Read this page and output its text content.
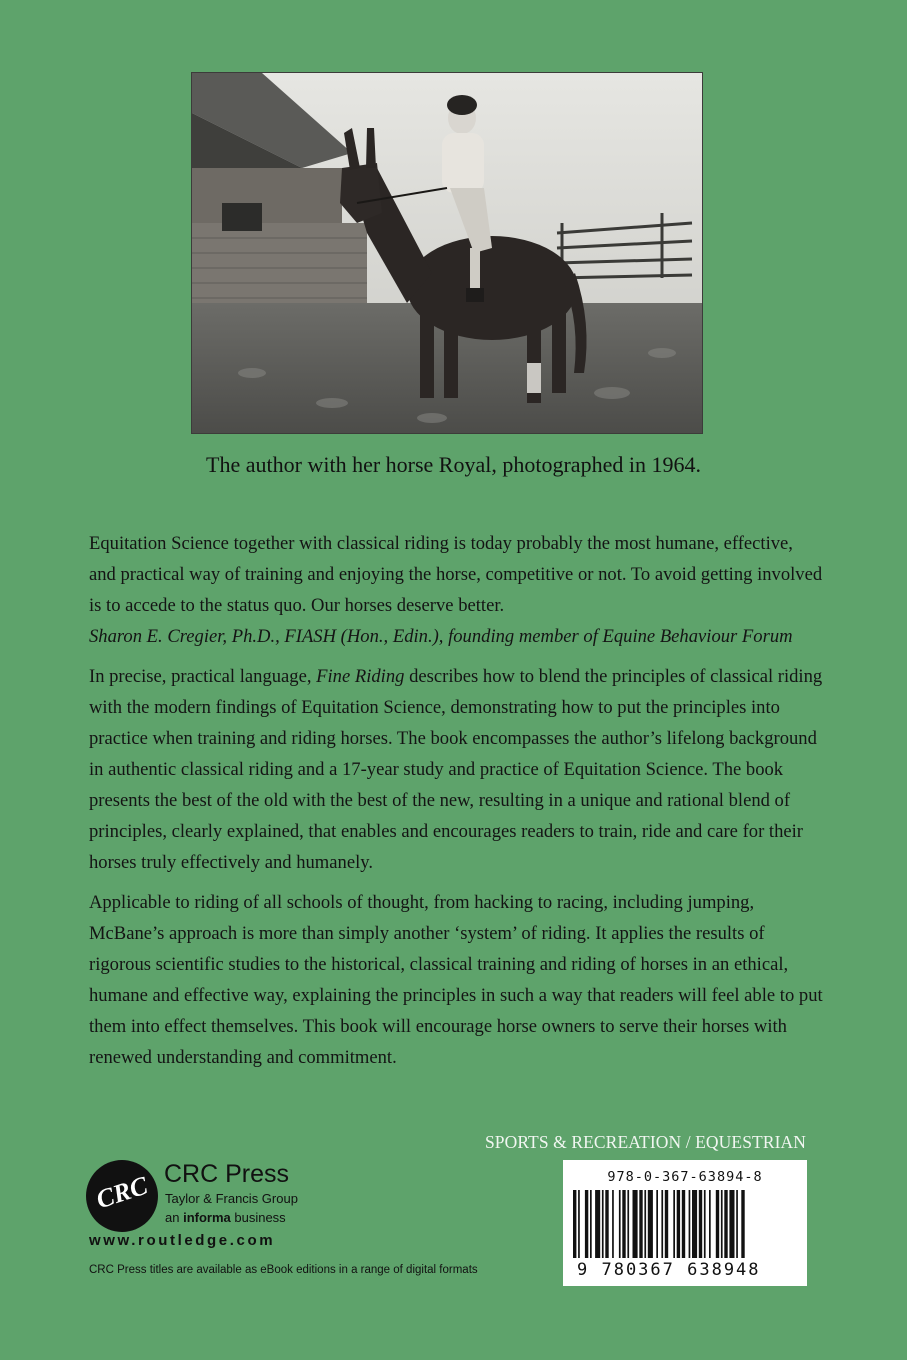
The author with her horse Royal, photographed in 1964.

Equitation Science together with classical riding is today probably the most humane, effective, and practical way of training and enjoying the horse, competitive or not. To avoid getting involved is to accede to the status quo. Our horses deserve better.
Sharon E. Cregier, Ph.D., FIASH (Hon., Edin.), founding member of Equine Behaviour Forum

In precise, practical language, Fine Riding describes how to blend the principles of classical riding with the modern findings of Equitation Science, demonstrating how to put the principles into practice when training and riding horses. The book encompasses the author’s lifelong background in authentic classical riding and a 17-year study and practice of Equitation Science. The book presents the best of the old with the best of the new, resulting in a unique and rational blend of principles, clearly explained, that enables and encourages readers to train, ride and care for their horses truly effectively and humanely.

Applicable to riding of all schools of thought, from hacking to racing, including jumping, McBane’s approach is more than simply another ‘system’ of riding. It applies the results of rigorous scientific studies to the historical, classical training and riding of horses in an ethical, humane and effective way, explaining the principles in such a way that readers will feel able to put them into effect themselves. This book will encourage horse owners to serve their horses with renewed understanding and commitment.

SPORTS & RECREATION / EQUESTRIAN
978-0-367-63894-8
9 780367 638948
CRC CRC Press
Taylor & Francis Group
an informa business
www.routledge.com
CRC Press titles are available as eBook editions in a range of digital formats
